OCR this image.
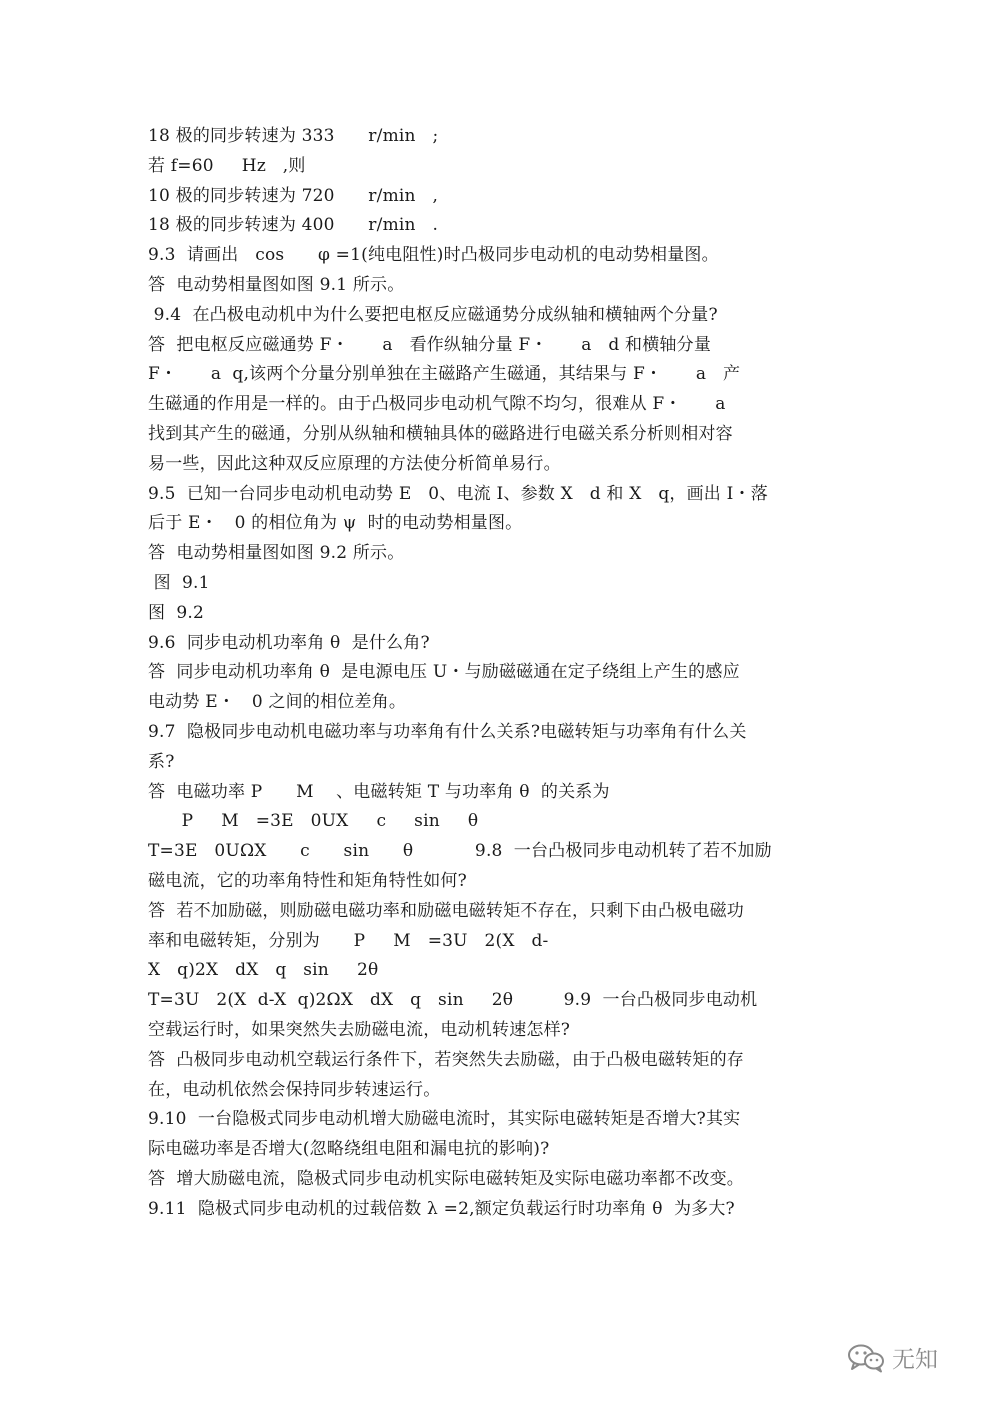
18 极的同步转速为 333      r/min   ;
若 f=60     Hz   ,则
10 极的同步转速为 720      r/min   ,
18 极的同步转速为 400      r/min   .
9.3  请画出   cos      φ =1(纯电阻性)时凸极同步电动机的电动势相量图。
答  电动势相量图如图 9.1 所示。
9.4  在凸极电动机中为什么要把电枢反应磁通势分成纵轴和横轴两个分量?
答  把电枢反应磁通势 F・      a   看作纵轴分量 F・      a   d 和横轴分量
F・      a  q,该两个分量分别单独在主磁路产生磁通，其结果与 F・      a   产
生磁通的作用是一样的。由于凸极同步电动机气隙不均匀，很难从 F・      a
找到其产生的磁通，分别从纵轴和横轴具体的磁路进行电磁关系分析则相对容
易一些，因此这种双反应原理的方法使分析简单易行。
9.5  已知一台同步电动机电动势 E   0、电流 I、参数 X   d 和 X   q，画出 I・落
后于 E・   0 的相位角为 ψ  时的电动势相量图。
答  电动势相量图如图 9.2 所示。
图  9.1
图  9.2
9.6  同步电动机功率角 θ  是什么角?
答  同步电动机功率角 θ  是电源电压 U・与励磁磁通在定子绕组上产生的感应
电动势 E・   0 之间的相位差角。
9.7  隐极同步电动机电磁功率与功率角有什么关系?电磁转矩与功率角有什么关
系?
答  电磁功率 P      M    、电磁转矩 T 与功率角 θ  的关系为
P     M   =3E   0UX     c     sin     θ
T=3E   0UΩX      c      sin      θ           9.8  一台凸极同步电动机转了若不加励
磁电流，它的功率角特性和矩角特性如何?
答  若不加励磁，则励磁电磁功率和励磁电磁转矩不存在，只剩下由凸极电磁功
率和电磁转矩，分别为      P     M   =3U   2(X   d-
X   q)2X   dX   q   sin     2θ
T=3U   2(X  d-X  q)2ΩX   dX   q   sin     2θ         9.9  一台凸极同步电动机
空载运行时，如果突然失去励磁电流，电动机转速怎样?
答  凸极同步电动机空载运行条件下，若突然失去励磁，由于凸极电磁转矩的存
在，电动机依然会保持同步转速运行。
9.10  一台隐极式同步电动机增大励磁电流时，其实际电磁转矩是否增大?其实
际电磁功率是否增大(忽略绕组电阻和漏电抗的影响)?
答  增大励磁电流，隐极式同步电动机实际电磁转矩及实际电磁功率都不改变。
9.11  隐极式同步电动机的过载倍数 λ =2,额定负载运行时功率角 θ  为多大?
无知
